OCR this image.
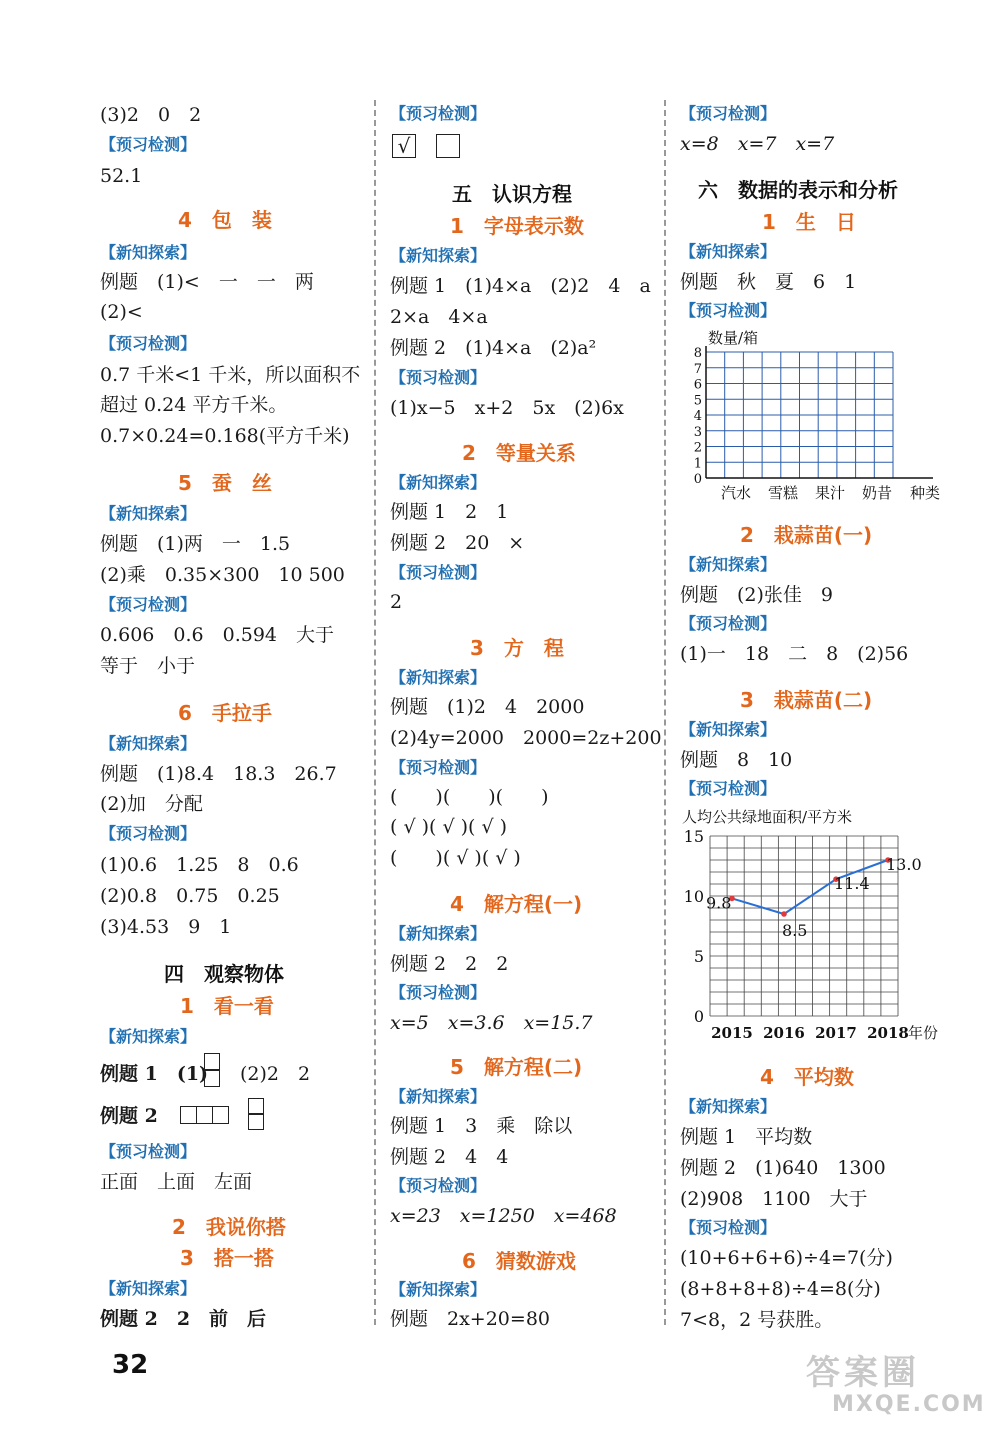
(3)2　0　2
【预习检测】
52.1
4　包　装
【新知探索】
例题　(1)<　一　一　两
(2)<
【预习检测】
0.7 千米<1 千米，所以面积不
超过 0.24 平方千米。
0.7×0.24=0.168(平方千米)
5　蚕　丝
【新知探索】
例题　(1)两　一　1.5
(2)乘　0.35×300　10 500
【预习检测】
0.606　0.6　0.594　大于
等于　小于
6　手拉手
【新知探索】
例题　(1)8.4　18.3　26.7
(2)加　分配
【预习检测】
(1)0.6　1.25　8　0.6
(2)0.8　0.75　0.25
(3)4.53　9　1
四　观察物体
1　看一看
【新知探索】
例题 1　(1) (2)2　2
例题 2
【预习检测】
正面　上面　左面
2　我说你搭
3　搭一搭
【新知探索】
例题 2　2　前　后
【预习检测】
√
五　认识方程
1　字母表示数
【新知探索】
例题 1　(1)4×a　(2)2　4　a
2×a　4×a
例题 2　(1)4×a　(2)a²
【预习检测】
(1)x−5　x+2　5x　(2)6x
2　等量关系
【新知探索】
例题 1　2　1
例题 2　20　×
【预习检测】
2
3　方　程
【新知探索】
例题　(1)2　4　2000
(2)4y=2000　2000=2z+200
【预习检测】
(　　)(　　)(　　)
( √ )( √ )( √ )
(　　)( √ )( √ )
4　解方程(一)
【新知探索】
例题 2　2　2
【预习检测】
x=5　x=3.6　x=15.7
5　解方程(二)
【新知探索】
例题 1　3　乘　除以
例题 2　4　4
【预习检测】
x=23　x=1250　x=468
6　猜数游戏
【新知探索】
例题　2x+20=80
【预习检测】
x=8　x=7　x=7
六　数据的表示和分析
1　生　日
【新知探索】
例题　秋　夏　6　1
【预习检测】
0
1
2
3
4
5
6
7
8
数量/箱
汽水 雪糕 果汁 奶昔 种类
2　栽蒜苗(一)
【新知探索】
例题　(2)张佳　9
【预习检测】
(1)一　18　二　8　(2)56
3　栽蒜苗(二)
【新知探索】
例题　8　10
【预习检测】
人均公共绿地面积/平方米
0
5
10
15
2015 2016 2017 2018 年份
9.8
8.5
11.4
13.0
4　平均数
【新知探索】
例题 1　平均数
例题 2　(1)640　1300
(2)908　1100　大于
【预习检测】
(10+6+6+6)÷4=7(分)
(8+8+8+8)÷4=8(分)
7<8，2 号获胜。
32	答案圈
MXQE.COM
